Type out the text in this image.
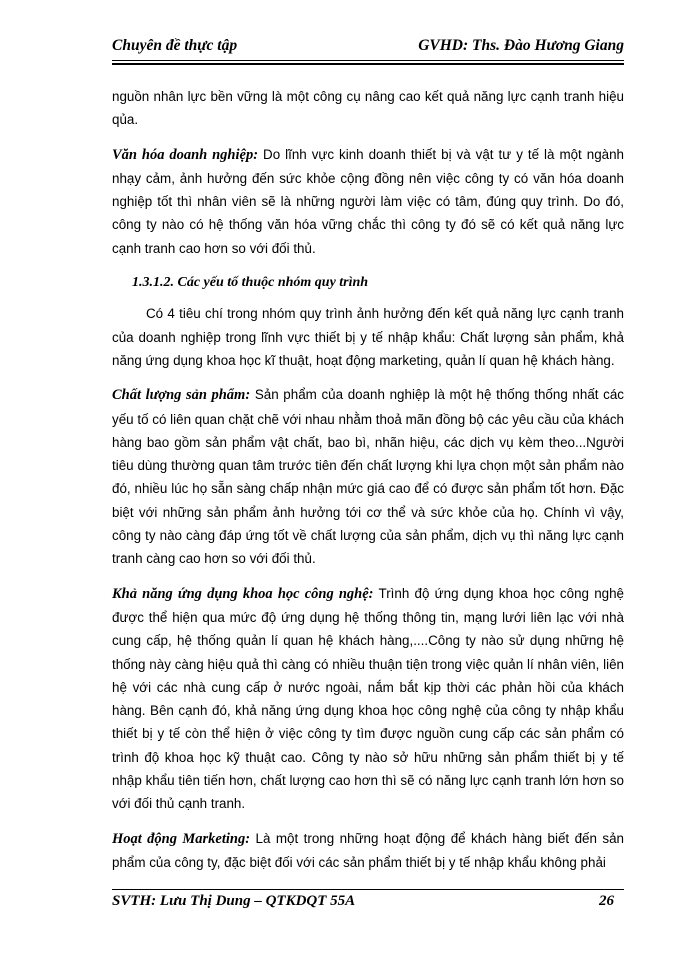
Chuyên đề thực tập	GVHD: Ths. Đào Hương Giang

nguồn nhân lực bền vững là một công cụ nâng cao kết quả năng lực cạnh tranh hiệu qủa.

Văn hóa doanh nghiệp: Do lĩnh vực kinh doanh thiết bị và vật tư y tế là một ngành nhạy cảm, ảnh hưởng đến sức khỏe cộng đồng nên việc công ty có văn hóa doanh nghiệp tốt thì nhân viên sẽ là những người làm việc có tâm, đúng quy trình. Do đó, công ty nào có hệ thống văn hóa vững chắc thì công ty đó sẽ có kết quả năng lực cạnh tranh cao hơn so với đối thủ.

1.3.1.2. Các yếu tố thuộc nhóm quy trình

Có 4 tiêu chí trong nhóm quy trình ảnh hưởng đến kết quả năng lực cạnh tranh của doanh nghiệp trong lĩnh vực thiết bị y tế nhập khẩu: Chất lượng sản phẩm, khả năng ứng dụng khoa học kĩ thuật, hoạt động marketing, quản lí quan hệ khách hàng.

Chất lượng sản phẩm: Sản phẩm của doanh nghiệp là một hệ thống thống nhất các yếu tố có liên quan chặt chẽ với nhau nhằm thoả mãn đồng bộ các yêu cầu của khách hàng bao gồm sản phẩm vật chất, bao bì, nhãn hiệu, các dịch vụ kèm theo...Người tiêu dùng thường quan tâm trước tiên đến chất lượng khi lựa chọn một sản phẩm nào đó, nhiều lúc họ sẵn sàng chấp nhận mức giá cao để có được sản phẩm tốt hơn. Đặc biệt với những sản phẩm ảnh hưởng tới cơ thể và sức khỏe của họ. Chính vì vậy, công ty nào càng đáp ứng tốt về chất lượng của sản phẩm, dịch vụ thì năng lực cạnh tranh càng cao hơn so với đối thủ.

Khả năng ứng dụng khoa học công nghệ: Trình độ ứng dụng khoa học công nghệ được thể hiện qua mức độ ứng dụng hệ thống thông tin, mạng lưới liên lạc với nhà cung cấp, hệ thống quản lí quan hệ khách hàng,....Công ty nào sử dụng những hệ thống này càng hiệu quả thì càng có nhiều thuận tiện trong việc quản lí nhân viên, liên hệ với các nhà cung cấp ở nước ngoài, nắm bắt kịp thời các phản hồi của khách hàng. Bên cạnh đó, khả năng ứng dụng khoa học công nghệ của công ty nhập khẩu thiết bị y tế còn thể hiện ở việc công ty tìm được nguồn cung cấp các sản phẩm có trình độ khoa học kỹ thuật cao. Công ty nào sở hữu những sản phẩm thiết bị y tế nhập khẩu tiên tiến hơn, chất lượng cao hơn thì sẽ có năng lực cạnh tranh lớn hơn so với đối thủ cạnh tranh.

Hoạt động Marketing: Là một trong những hoạt động để khách hàng biết đến sản phẩm của công ty, đặc biệt đối với các sản phẩm thiết bị y tế nhập khẩu không phải

SVTH: Lưu Thị Dung – QTKDQT 55A	26
